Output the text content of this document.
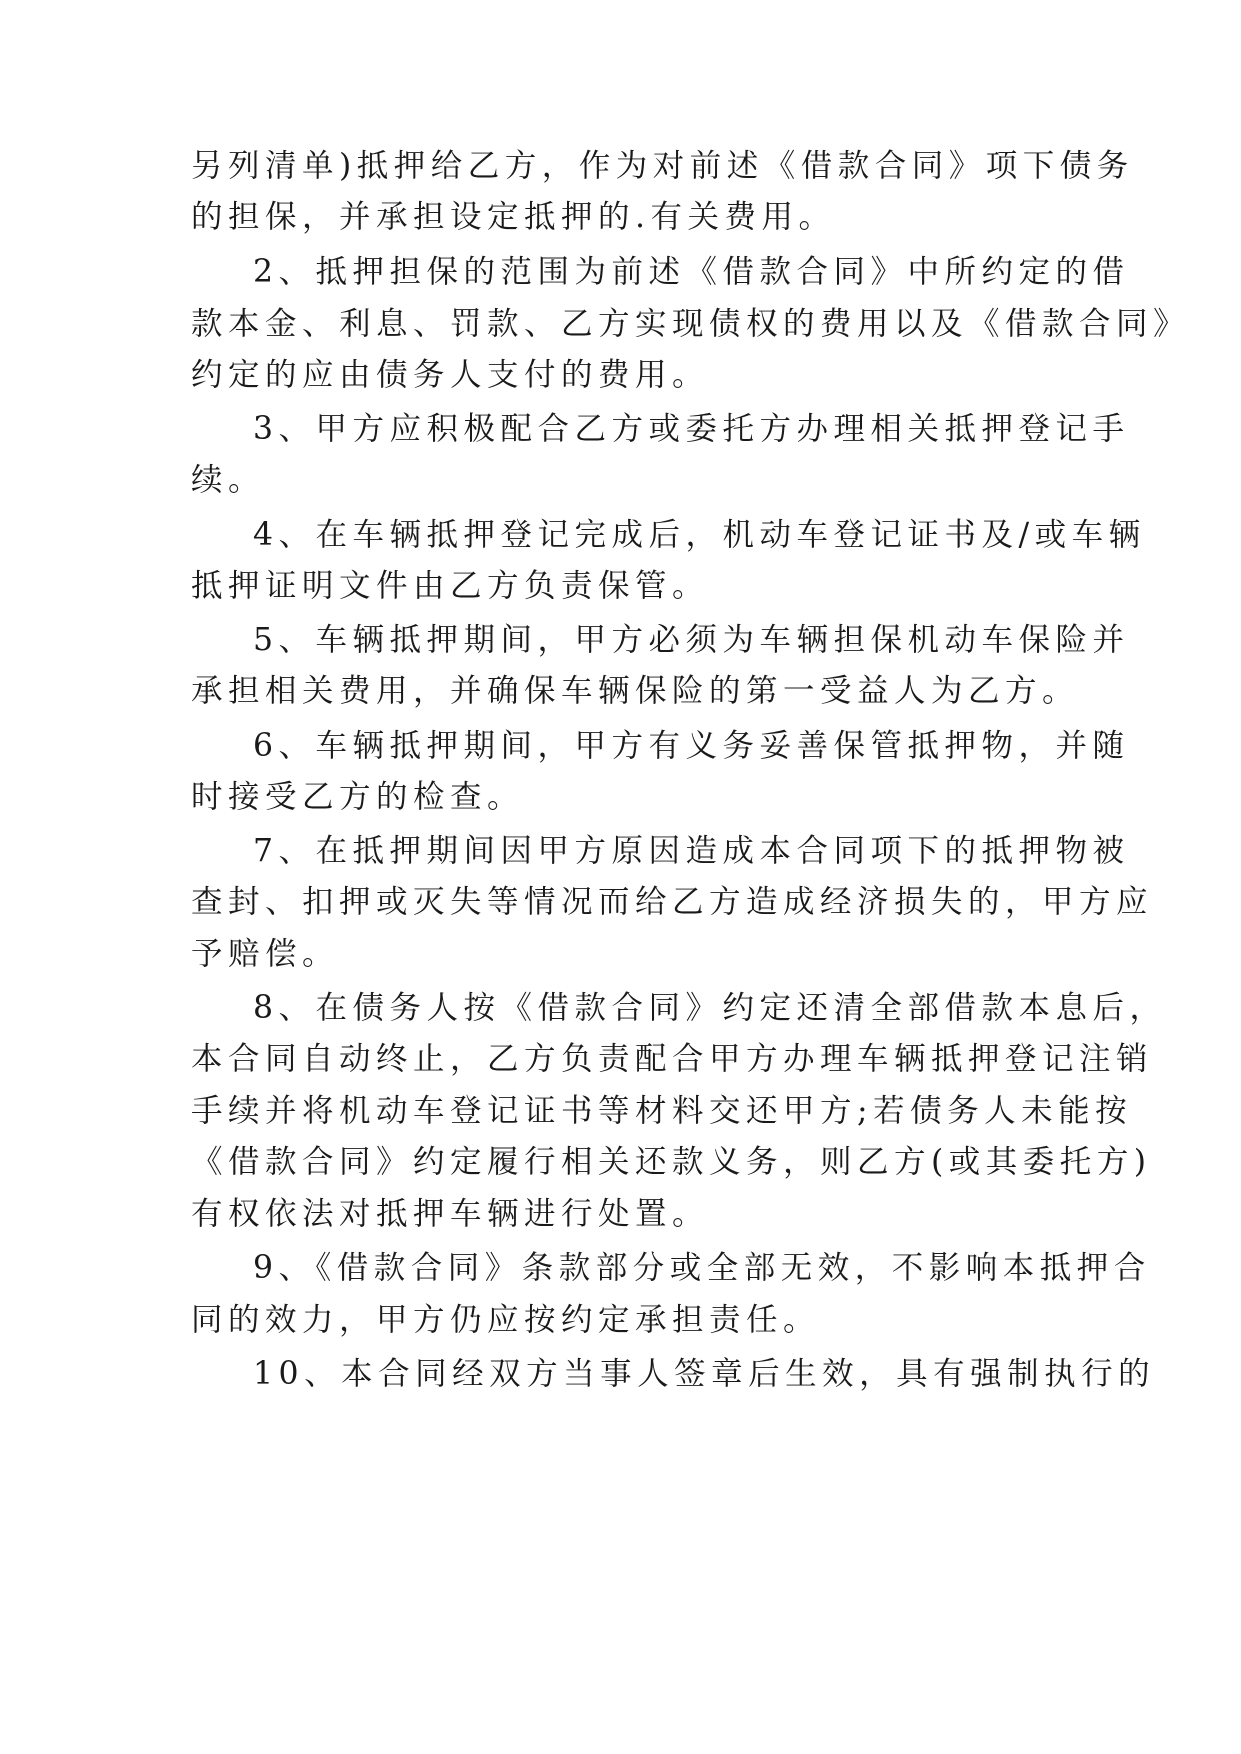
另列清单)抵押给乙方，作为对前述《借款合同》项下债务
的担保，并承担设定抵押的.有关费用。
2、抵押担保的范围为前述《借款合同》中所约定的借
款本金、利息、罚款、乙方实现债权的费用以及《借款合同》
约定的应由债务人支付的费用。
3、甲方应积极配合乙方或委托方办理相关抵押登记手
续。
4、在车辆抵押登记完成后，机动车登记证书及/或车辆
抵押证明文件由乙方负责保管。
5、车辆抵押期间，甲方必须为车辆担保机动车保险并
承担相关费用，并确保车辆保险的第一受益人为乙方。
6、车辆抵押期间，甲方有义务妥善保管抵押物，并随
时接受乙方的检查。
7、在抵押期间因甲方原因造成本合同项下的抵押物被
查封、扣押或灭失等情况而给乙方造成经济损失的，甲方应
予赔偿。
8、在债务人按《借款合同》约定还清全部借款本息后，
本合同自动终止，乙方负责配合甲方办理车辆抵押登记注销
手续并将机动车登记证书等材料交还甲方;若债务人未能按
《借款合同》约定履行相关还款义务，则乙方(或其委托方)
有权依法对抵押车辆进行处置。
9、《借款合同》条款部分或全部无效，不影响本抵押合
同的效力，甲方仍应按约定承担责任。
10、本合同经双方当事人签章后生效，具有强制执行的
